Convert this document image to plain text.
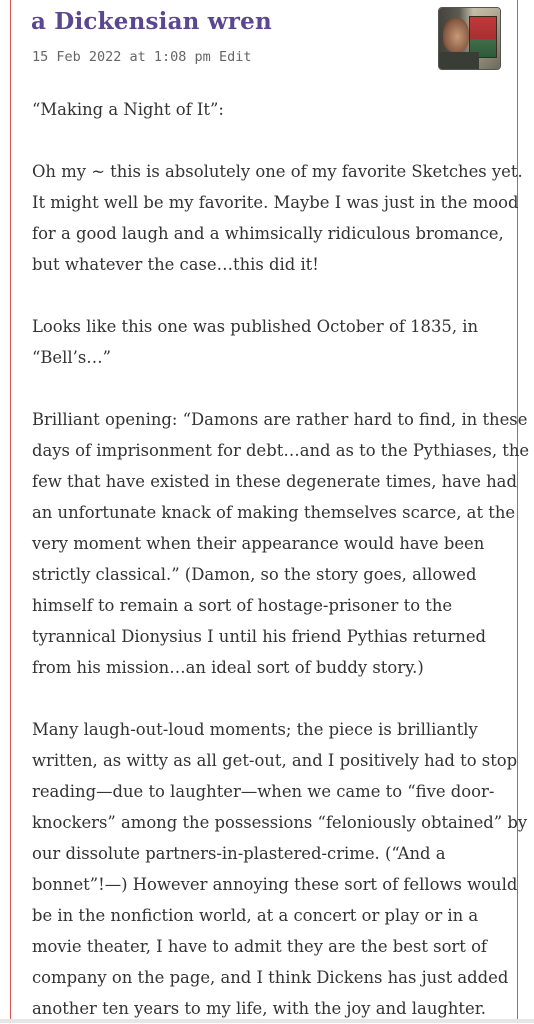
a Dickensian wren
15 Feb 2022 at 1:08 pm Edit
“Making a Night of It”:
Oh my ~ this is absolutely one of my favorite Sketches yet.
It might well be my favorite. Maybe I was just in the mood
for a good laugh and a whimsically ridiculous bromance,
but whatever the case…this did it!
Looks like this one was published October of 1835, in
“Bell’s…”
Brilliant opening: “Damons are rather hard to find, in these
days of imprisonment for debt…and as to the Pythiases, the
few that have existed in these degenerate times, have had
an unfortunate knack of making themselves scarce, at the
very moment when their appearance would have been
strictly classical.” (Damon, so the story goes, allowed
himself to remain a sort of hostage-prisoner to the
tyrannical Dionysius I until his friend Pythias returned
from his mission…an ideal sort of buddy story.)
Many laugh-out-loud moments; the piece is brilliantly
written, as witty as all get-out, and I positively had to stop
reading—due to laughter—when we came to “five door-
knockers” among the possessions “feloniously obtained” by
our dissolute partners-in-plastered-crime. (“And a
bonnet”!—) However annoying these sort of fellows would
be in the nonfiction world, at a concert or play or in a
movie theater, I have to admit they are the best sort of
company on the page, and I think Dickens has just added
another ten years to my life, with the joy and laughter.
